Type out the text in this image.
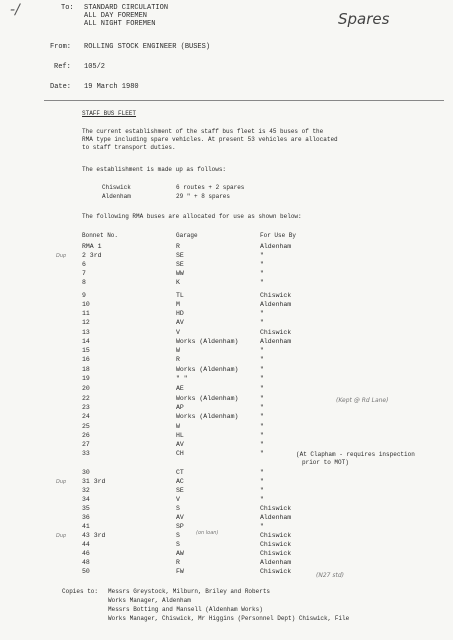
-/	Spares
To: STANDARD CIRCULATION
ALL DAY FOREMEN
ALL NIGHT FOREMEN
From: ROLLING STOCK ENGINEER (BUSES)
Ref: 105/2
Date: 19 March 1980
STAFF BUS FLEET
The current establishment of the staff bus fleet is 45 buses of the
RMA type including spare vehicles. At present 53 vehicles are allocated
to staff transport duties.
The establishment is made up as follows:
Chiswick	6 routes + 2 spares
Aldenham	29 " + 8 spares
The following RMA buses are allocated for use as shown below:
Bonnet No.	Garage	For Use By
(Kept @ Rd Lane)
(At Clapham - requires inspection
prior to MOT)
(on loan)
(N27 std)
Copies to: Messrs Greystock, Milburn, Briley and Roberts
Works Manager, Aldenham
Messrs Botting and Mansell (Aldenham Works)
Works Manager, Chiswick, Mr Higgins (Personnel Dept) Chiswick, File
RMA 1	R	Aldenham
2 3rd	SE	"
Dup
6	SE	"
7	WW	"
8	K	"
9	TL	Chiswick
10	M	Aldenham
11	HD	"
12	AV	"
13	V	Chiswick
14	Works (Aldenham)	Aldenham
15	W	"
16	R	"
18	Works (Aldenham)	"
19	" "	"
20	AE	"
22	Works (Aldenham)	"
23	AP	"
24	Works (Aldenham)	"
25	W	"
26	HL	"
27	AV	"
33	CH	"
30	CT	"
31 3rd	AC	"
Dup
32	SE	"
34	V	"
35	S	Chiswick
36	AV	Aldenham
41	SP	"
43 3rd	S	Chiswick
Dup
44	S	Chiswick
46	AW	Chiswick
48	R	Aldenham
50	FW	Chiswick
